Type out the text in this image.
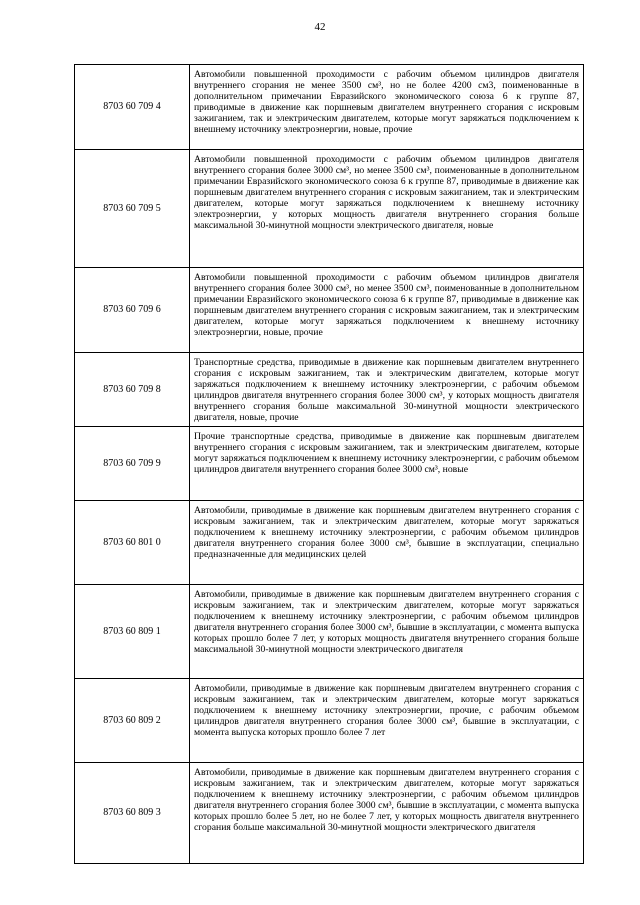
42
8703 60 709 4	Автомобили повышенной проходимости с рабочим объемом цилиндров двигателя внутреннего сгорания не менее 3500 см³, но не более 4200 см3, поименованные в дополнительном примечании Евразийского экономического союза 6 к группе 87, приводимые в движение как поршневым двигателем внутреннего сгорания с искровым зажиганием, так и электрическим двигателем, которые могут заряжаться подключением к внешнему источнику электроэнергии, новые, прочие
8703 60 709 5	Автомобили повышенной проходимости с рабочим объемом цилиндров двигателя внутреннего сгорания более 3000 см³, но менее 3500 см³, поименованные в дополнительном примечании Евразийского экономического союза 6 к группе 87, приводимые в движение как поршневым двигателем внутреннего сгорания с искровым зажиганием, так и электрическим двигателем, которые могут заряжаться подключением к внешнему источнику электроэнергии, у которых мощность двигателя внутреннего сгорания больше максимальной 30-минутной мощности электрического двигателя, новые
8703 60 709 6	Автомобили повышенной проходимости с рабочим объемом цилиндров двигателя внутреннего сгорания более 3000 см³, но менее 3500 см³, поименованные в дополнительном примечании Евразийского экономического союза 6 к группе 87, приводимые в движение как поршневым двигателем внутреннего сгорания с искровым зажиганием, так и электрическим двигателем, которые могут заряжаться подключением к внешнему источнику электроэнергии, новые, прочие
8703 60 709 8	Транспортные средства, приводимые в движение как поршневым двигателем внутреннего сгорания с искровым зажиганием, так и электрическим двигателем, которые могут заряжаться подключением к внешнему источнику электроэнергии, с рабочим объемом цилиндров двигателя внутреннего сгорания более 3000 см³, у которых мощность двигателя внутреннего сгорания больше максимальной 30-минутной мощности электрического двигателя, новые, прочие
8703 60 709 9	Прочие транспортные средства, приводимые в движение как поршневым двигателем внутреннего сгорания с искровым зажиганием, так и электрическим двигателем, которые могут заряжаться подключением к внешнему источнику электроэнергии, с рабочим объемом цилиндров двигателя внутреннего сгорания более 3000 см³, новые
8703 60 801 0	Автомобили, приводимые в движение как поршневым двигателем внутреннего сгорания с искровым зажиганием, так и электрическим двигателем, которые могут заряжаться подключением к внешнему источнику электроэнергии, с рабочим объемом цилиндров двигателя внутреннего сгорания более 3000 см³, бывшие в эксплуатации, специально предназначенные для медицинских целей
8703 60 809 1	Автомобили, приводимые в движение как поршневым двигателем внутреннего сгорания с искровым зажиганием, так и электрическим двигателем, которые могут заряжаться подключением к внешнему источнику электроэнергии, с рабочим объемом цилиндров двигателя внутреннего сгорания более 3000 см³, бывшие в эксплуатации, с момента выпуска которых прошло более 7 лет, у которых мощность двигателя внутреннего сгорания больше максимальной 30-минутной мощности электрического двигателя
8703 60 809 2	Автомобили, приводимые в движение как поршневым двигателем внутреннего сгорания с искровым зажиганием, так и электрическим двигателем, которые могут заряжаться подключением к внешнему источнику электроэнергии, прочие, с рабочим объемом цилиндров двигателя внутреннего сгорания более 3000 см³, бывшие в эксплуатации, с момента выпуска которых прошло более 7 лет
8703 60 809 3	Автомобили, приводимые в движение как поршневым двигателем внутреннего сгорания с искровым зажиганием, так и электрическим двигателем, которые могут заряжаться подключением к внешнему источнику электроэнергии, с рабочим объемом цилиндров двигателя внутреннего сгорания более 3000 см³, бывшие в эксплуатации, с момента выпуска которых прошло более 5 лет, но не более 7 лет, у которых мощность двигателя внутреннего сгорания больше максимальной 30-минутной мощности электрического двигателя
